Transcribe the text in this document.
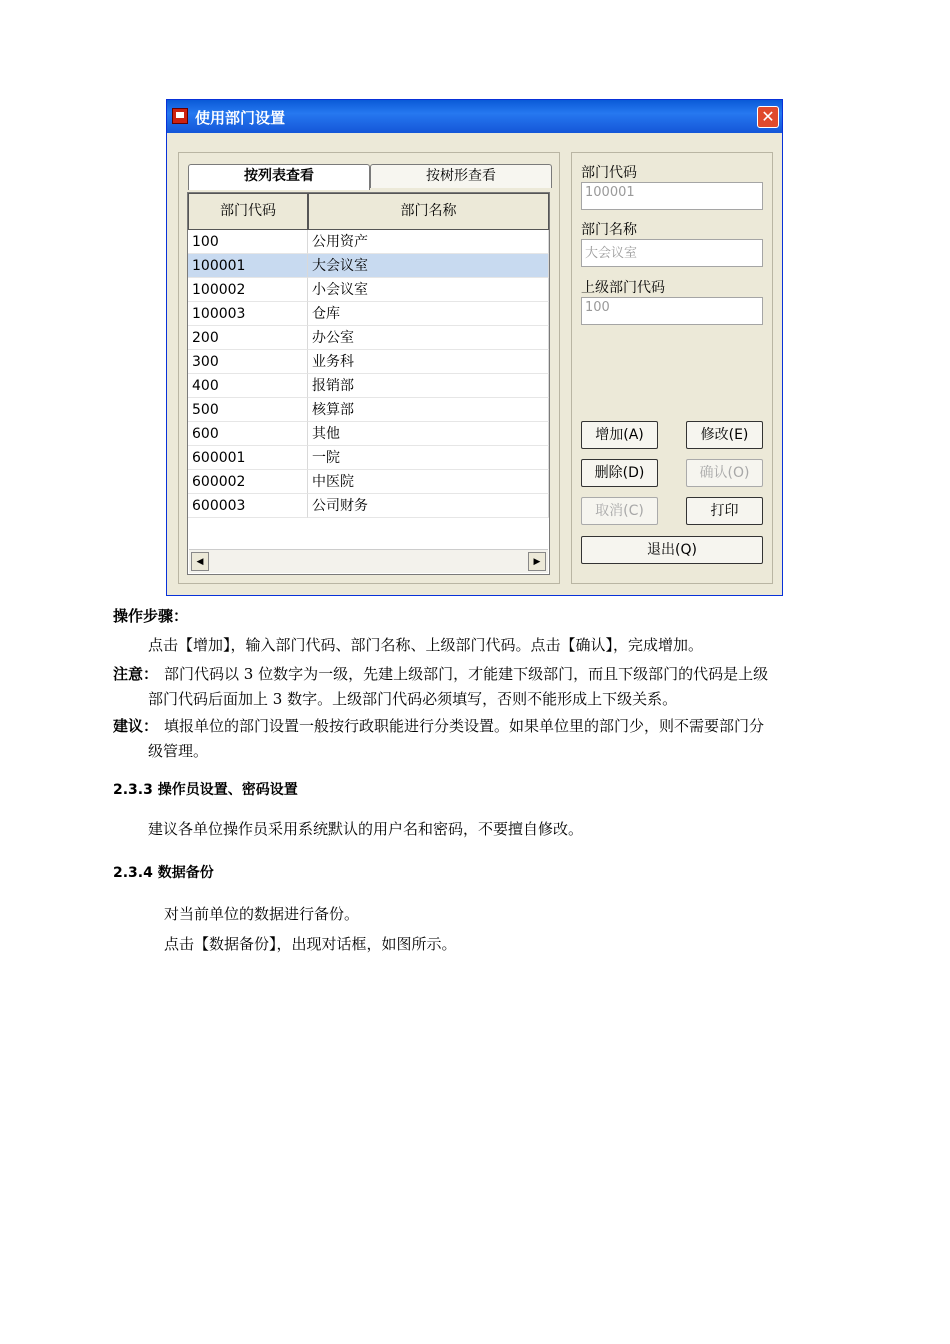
使用部门设置	✕
按列表查看	按树形查看
部门代码	部门名称
100	公用资产
100001	大会议室
100002	小会议室
100003	仓库
200	办公室
300	业务科
400	报销部
500	核算部
600	其他
600001	一院
600002	中医院
600003	公司财务
◀	▶
部门代码
100001
部门名称
大会议室
上级部门代码
100
增加(A)	修改(E)
删除(D)	确认(O)
取消(C)	打印
退出(Q)
操作步骤：
点击【增加】，输入部门代码、部门名称、上级部门代码。点击【确认】，完成增加。
注意： 部门代码以 3 位数字为一级，先建上级部门，才能建下级部门，而且下级部门的代码是上级
部门代码后面加上 3 数字。上级部门代码必须填写，否则不能形成上下级关系。
建议： 填报单位的部门设置一般按行政职能进行分类设置。如果单位里的部门少，则不需要部门分
级管理。
2.3.3 操作员设置、密码设置
建议各单位操作员采用系统默认的用户名和密码，不要擅自修改。
2.3.4 数据备份
对当前单位的数据进行备份。
点击【数据备份】，出现对话框，如图所示。
